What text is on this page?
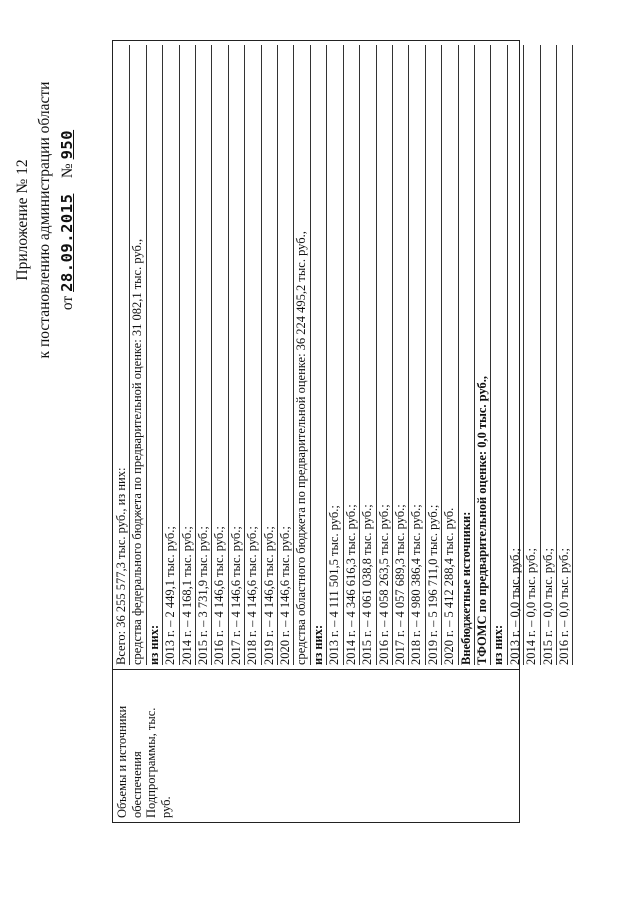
Приложение № 12 к постановлению администрации области от 28.09.2015    № 950
Объемы и источники обеспечения Подпрограммы, тыс. руб.
Всего: 36 255 577,3 тыс. руб., из них: средства федерального бюджета по предварительной оценке: 31 082,1 тыс. руб., из них: 2013 г. – 2 449,1 тыс. руб.; 2014 г. – 4 168,1 тыс. руб.; 2015 г. – 3 731,9 тыс. руб.; 2016 г. – 4 146,6 тыс. руб.; 2017 г. – 4 146,6 тыс. руб.; 2018 г. – 4 146,6 тыс. руб.; 2019 г. – 4 146,6 тыс. руб.; 2020 г. – 4 146,6 тыс. руб.; средства областного бюджета по предварительной оценке: 36 224 495,2 тыс. руб., из них: 2013 г. – 4 111 501,5 тыс. руб.; 2014 г. – 4 346 616,3 тыс. руб.; 2015 г. – 4 061 038,8 тыс. руб.; 2016 г. – 4 058 263,5 тыс. руб.; 2017 г. – 4 057 689,3 тыс. руб.; 2018 г. – 4 980 386,4 тыс. руб.; 2019 г. – 5 196 711,0 тыс. руб.; 2020 г. – 5 412 288,4 тыс. руб. Внебюджетные источники: ТФОМС по предварительной оценке: 0,0 тыс. руб., из них: 2013 г. – 0,0 тыс. руб.; 2014 г. – 0,0 тыс. руб.; 2015 г. – 0,0 тыс. руб.; 2016 г. – 0,0 тыс. руб.;
